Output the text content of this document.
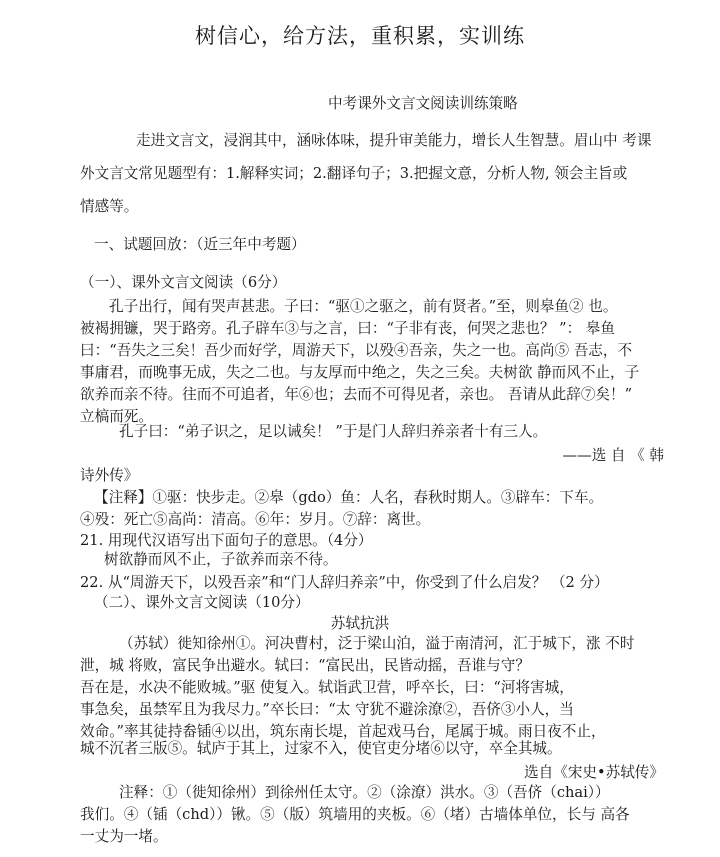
树信心，给方法，重积累，实训练
中考课外文言文阅读训练策略
走进文言文，浸润其中，涵咏体味，提升审美能力，增长人生智慧。眉山中 考课
外文言文常见题型有：1.解释实词；2.翻译句子；3.把握文意，分析人物, 领会主旨或
情感等。
一、试题回放：（近三年中考题）
（一）、课外文言文阅读（6分）
孔子出行，闻有哭声甚悲。子曰：“驱①之驱之，前有贤者。”至，则皋鱼② 也。
被褐拥镰，哭于路旁。孔子辟车③与之言，曰：“子非有丧，何哭之悲也？ ”： 皋鱼
曰：“吾失之三矣！吾少而好学，周游天下，以殁④吾亲，失之一也。高尚⑤ 吾志，不
事庸君，而晚事无成，失之二也。与友厚而中绝之，失之三矣。夫树欲 静而风不止，子
欲养而亲不待。往而不可追者，年⑥也；去而不可得见者，亲也。 吾请从此辞⑦矣！”
立槁而死。
孔子曰：“弟子识之，足以诫矣！ ”于是门人辞归养亲者十有三人。
——选 自 《 韩
诗外传》
【注释】①驱：快步走。②皋（gdo）鱼：人名，春秋时期人。③辟车：下车。
④殁：死亡⑤高尚：清高。⑥年：岁月。⑦辞：离世。
21. 用现代汉语写出下面句子的意思。（4分）
树欲静而风不止，子欲养而亲不待。
22. 从“周游天下，以殁吾亲”和“门人辞归养亲”中，你受到了什么启发？ （2 分）
（二）、课外文言文阅读（10分）
苏轼抗洪
（苏轼）徙知徐州①。河决曹村，泛于梁山泊，溢于南清河，汇于城下，涨 不时
泄，城 将败，富民争出避水。轼曰：“富民出，民皆动摇，吾谁与守？
吾在是，水决不能败城。”驱 使复入。轼诣武卫营，呼卒长，曰：“河将害城，
事急矣，虽禁军且为我尽力。”卒长曰：“太 守犹不避涂潦②，吾侪③小人，当
效命。”率其徒持畚锸④以出，筑东南长堤，首起戏马台，尾属于城。雨日夜不止，
城不沉者三版⑤。轼庐于其上，过家不入，使官吏分堵⑥以守，卒全其城。
选自《宋史•苏轼传》
注释：①（徙知徐州）到徐州任太守。②（涂潦）洪水。③（吾侪（chai））
我们。④（锸（chd））锹。⑤（版）筑墙用的夹板。⑥（堵）古墙体单位，长与 高各
一丈为一堵。
